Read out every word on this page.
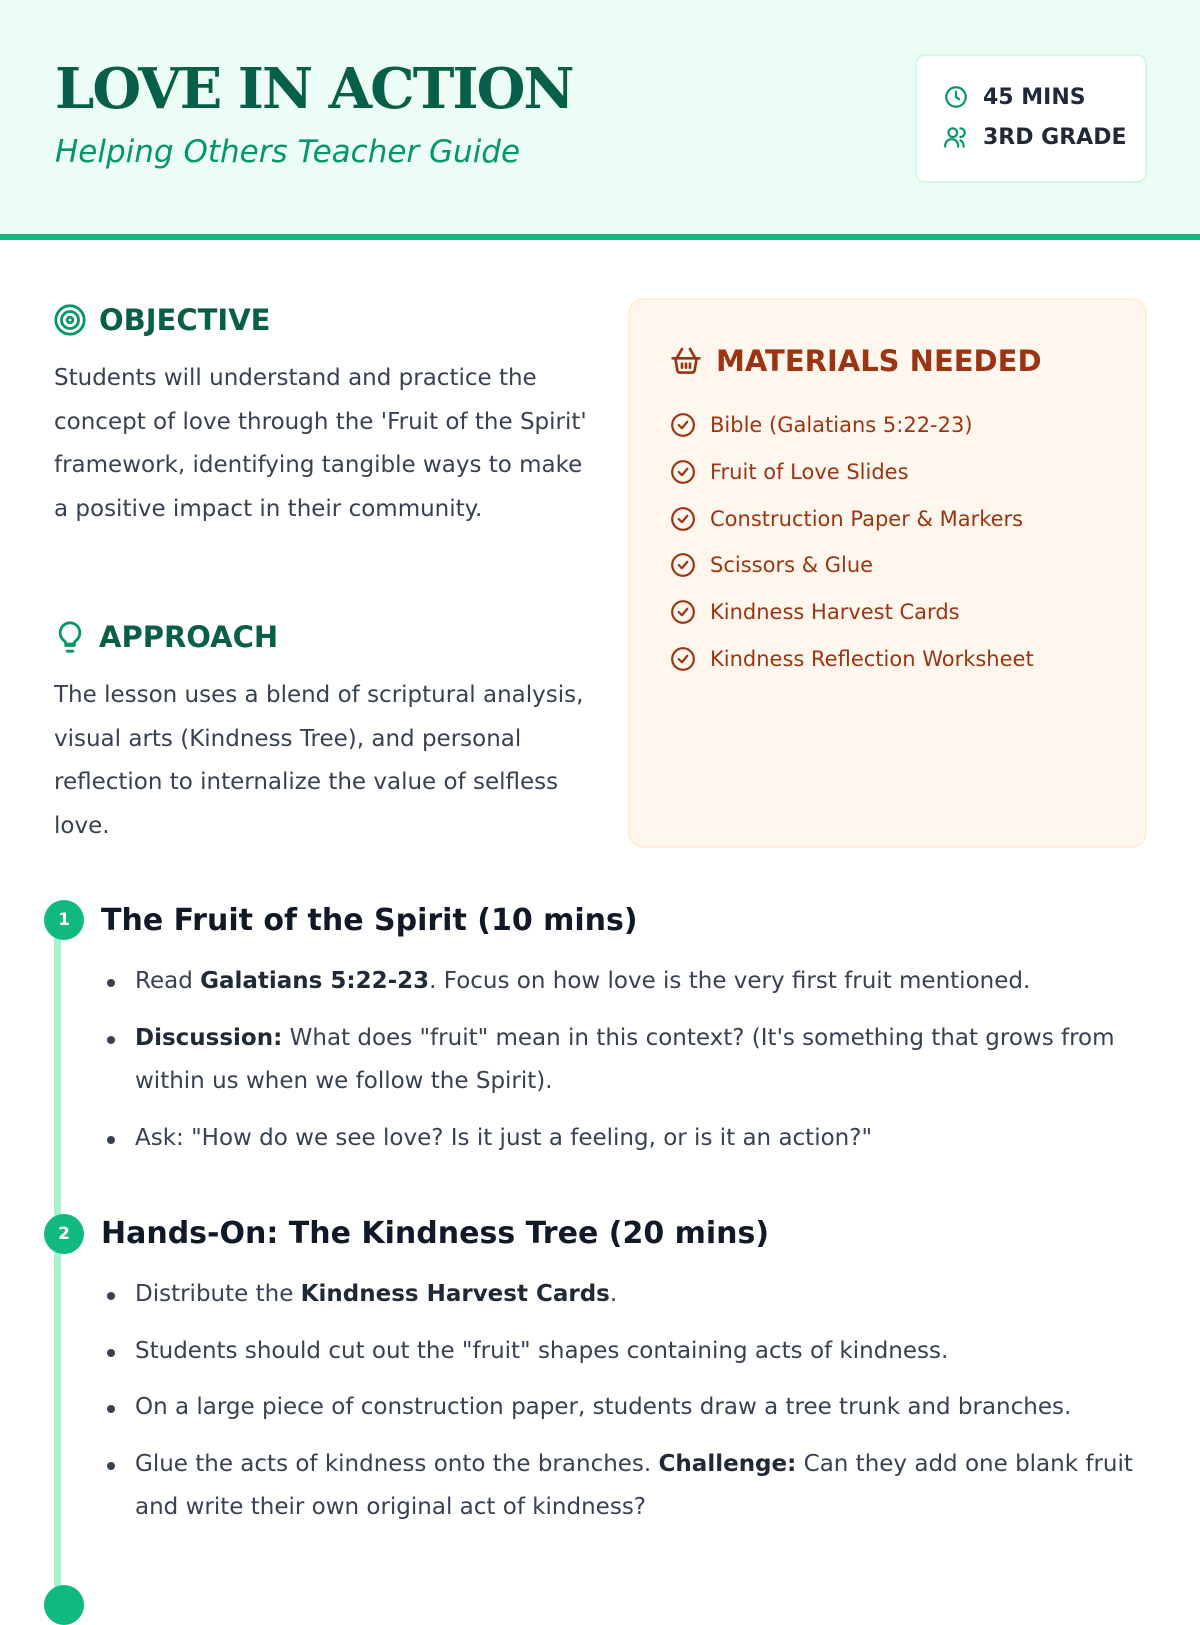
LOVE IN ACTION
Helping Others Teacher Guide
45 MINS
3RD GRADE
OBJECTIVE
Students will understand and practice the concept of love through the 'Fruit of the Spirit' framework, identifying tangible ways to make a positive impact in their community.
APPROACH
The lesson uses a blend of scriptural analysis, visual arts (Kindness Tree), and personal reflection to internalize the value of selfless love.
MATERIALS NEEDED
Bible (Galatians 5:22-23)
Fruit of Love Slides
Construction Paper & Markers
Scissors & Glue
Kindness Harvest Cards
Kindness Reflection Worksheet
1	The Fruit of the Spirit (10 mins)
Read Galatians 5:22-23. Focus on how love is the very first fruit mentioned.
Discussion: What does "fruit" mean in this context? (It's something that grows from within us when we follow the Spirit).
Ask: "How do we see love? Is it just a feeling, or is it an action?"
2	Hands-On: The Kindness Tree (20 mins)
Distribute the Kindness Harvest Cards.
Students should cut out the "fruit" shapes containing acts of kindness.
On a large piece of construction paper, students draw a tree trunk and branches.
Glue the acts of kindness onto the branches. Challenge: Can they add one blank fruit and write their own original act of kindness?
